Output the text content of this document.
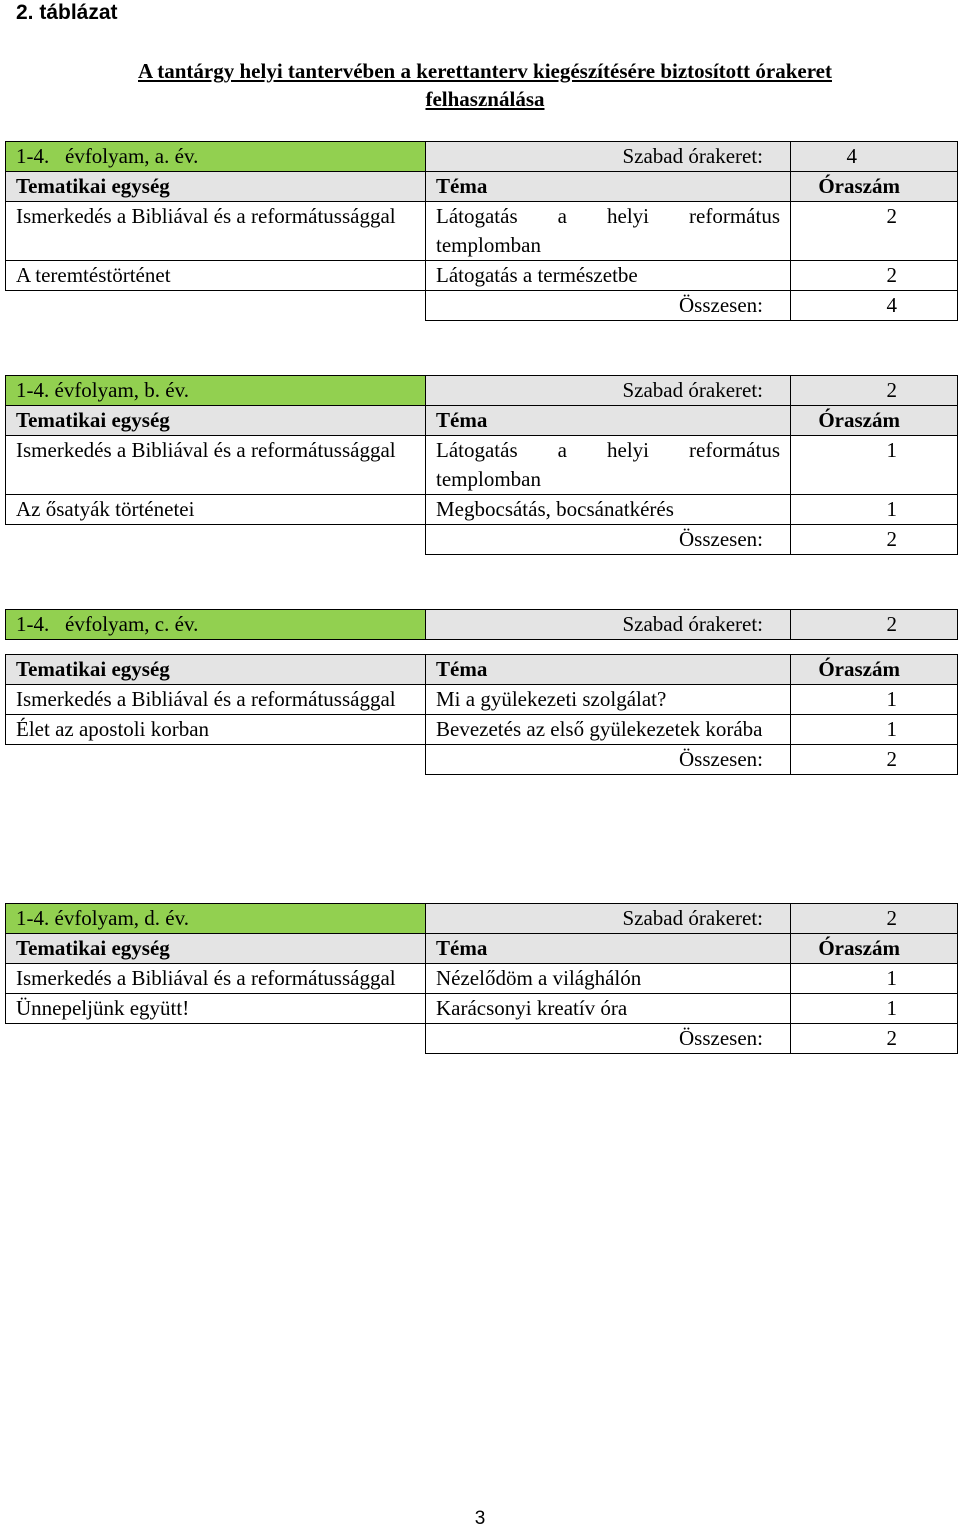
2. táblázat
A tantárgy helyi tantervében a kerettanterv kiegészítésére biztosított órakeret
felhasználása
1-4.   évfolyam, a. év.	Szabad órakeret:	4
Tematikai egység	Téma	Óraszám
Ismerkedés a Bibliával és a reformátussággal	Látogatás a helyi református templomban	2
A teremtéstörténet	Látogatás a természetbe	2
	Összesen:	4
1-4. évfolyam, b. év.	Szabad órakeret:	2
Tematikai egység	Téma	Óraszám
Ismerkedés a Bibliával és a reformátussággal	Látogatás a helyi református templomban	1
Az ősatyák történetei	Megbocsátás, bocsánatkérés	1
	Összesen:	2
1-4.   évfolyam, c. év.	Szabad órakeret:	2

Tematikai egység	Téma	Óraszám
Ismerkedés a Bibliával és a reformátussággal	Mi a gyülekezeti szolgálat?	1
Élet az apostoli korban	Bevezetés az első gyülekezetek korába	1
	Összesen:	2
1-4. évfolyam, d. év.	Szabad órakeret:	2
Tematikai egység	Téma	Óraszám
Ismerkedés a Bibliával és a reformátussággal	Nézelődöm a világhálón	1
Ünnepeljünk együtt!	Karácsonyi kreatív óra	1
	Összesen:	2
3
